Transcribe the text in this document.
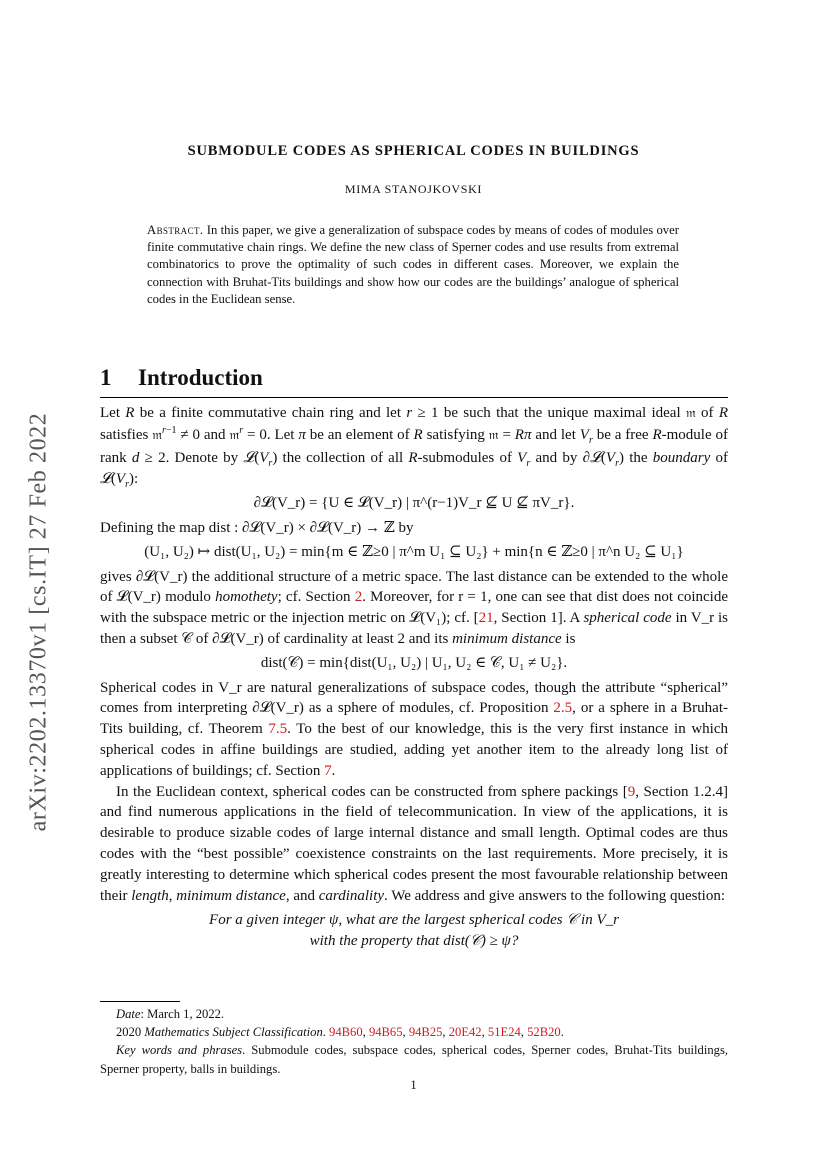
arXiv:2202.13370v1 [cs.IT] 27 Feb 2022
SUBMODULE CODES AS SPHERICAL CODES IN BUILDINGS
MIMA STANOJKOVSKI
Abstract. In this paper, we give a generalization of subspace codes by means of codes of modules over finite commutative chain rings. We define the new class of Sperner codes and use results from extremal combinatorics to prove the optimality of such codes in different cases. Moreover, we explain the connection with Bruhat-Tits buildings and show how our codes are the buildings’ analogue of spherical codes in the Euclidean sense.
1 Introduction

Let R be a finite commutative chain ring and let r ≥ 1 be such that the unique maximal ideal 𝔪 of R satisfies 𝔪$^{r-1}$ ≠ 0 and 𝔪$^r$ = 0. Let π be an element of R satisfying 𝔪 = Rπ and let $V_r$ be a free R-module of rank d ≥ 2. Denote by $𝓛(V_r)$ the collection of all R-submodules of $V_r$ and by $\partial 𝓛(V_r)$ the boundary of $𝓛(V_r)$:

∂𝓛(V_r) = {U ∈ 𝓛(V_r) | π^(r−1)V_r ⊈ U ⊈ πV_r}.

Defining the map dist : ∂𝓛(V_r) × ∂𝓛(V_r) → ℤ by

(U₁, U₂) ↦ dist(U₁, U₂) = min{m ∈ ℤ≥0 | π^m U₁ ⊆ U₂} + min{n ∈ ℤ≥0 | π^n U₂ ⊆ U₁}

gives ∂𝓛(V_r) the additional structure of a metric space. The last distance can be extended to the whole of 𝓛(V_r) modulo homothety; cf. Section 2. Moreover, for r = 1, one can see that dist does not coincide with the subspace metric or the injection metric on 𝓛(V₁); cf. [21, Section 1]. A spherical code in V_r is then a subset 𝒞 of ∂𝓛(V_r) of cardinality at least 2 and its minimum distance is

dist(𝒞) = min{dist(U₁, U₂) | U₁, U₂ ∈ 𝒞, U₁ ≠ U₂}.

Spherical codes in V_r are natural generalizations of subspace codes, though the attribute “spherical” comes from interpreting ∂𝓛(V_r) as a sphere of modules, cf. Proposition 2.5, or a sphere in a Bruhat-Tits building, cf. Theorem 7.5. To the best of our knowledge, this is the very first instance in which spherical codes in affine buildings are studied, adding yet another item to the already long list of applications of buildings; cf. Section 7.

In the Euclidean context, spherical codes can be constructed from sphere packings [9, Section 1.2.4] and find numerous applications in the field of telecommunication. In view of the applications, it is desirable to produce sizable codes of large internal distance and small length. Optimal codes are thus codes with the “best possible” coexistence constraints on the last requirements. More precisely, it is greatly interesting to determine which spherical codes present the most favourable relationship between their length, minimum distance, and cardinality. We address and give answers to the following question:

For a given integer ψ, what are the largest spherical codes 𝒞 in V_r
with the property that dist(𝒞) ≥ ψ?

Date: March 1, 2022.

2020 Mathematics Subject Classification. 94B60, 94B65, 94B25, 20E42, 51E24, 52B20.

Key words and phrases. Submodule codes, subspace codes, spherical codes, Sperner codes, Bruhat-Tits buildings, Sperner property, balls in buildings.

1
